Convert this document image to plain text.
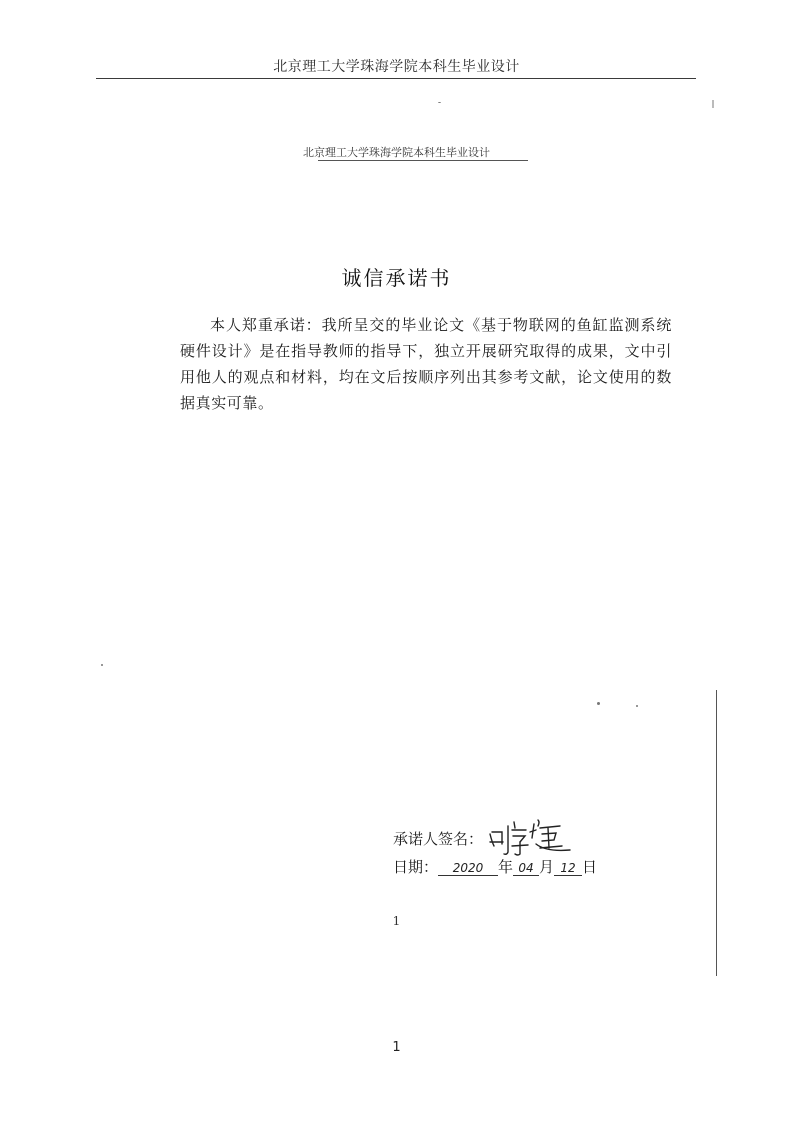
北京理工大学珠海学院本科生毕业设计
北京理工大学珠海学院本科生毕业设计
诚信承诺书
本人郑重承诺：我所呈交的毕业论文《基于物联网的鱼缸监测系统硬件设计》是在指导教师的指导下，独立开展研究取得的成果，文中引用他人的观点和材料，均在文后按顺序列出其参考文献，论文使用的数据真实可靠。
承诺人签名：
日期： 2020 年 04 月 12 日
1
1
